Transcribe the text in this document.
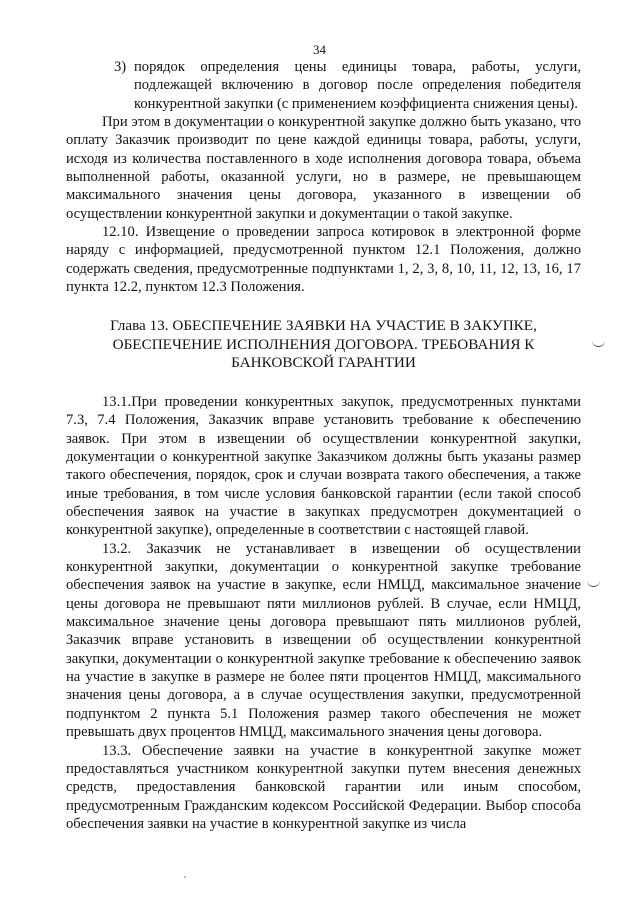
34
3) порядок определения цены единицы товара, работы, услуги, подлежащей включению в договор после определения победителя конкурентной закупки (с применением коэффициента снижения цены).

При этом в документации о конкурентной закупке должно быть указано, что оплату Заказчик производит по цене каждой единицы товара, работы, услуги, исходя из количества поставленного в ходе исполнения договора товара, объема выполненной работы, оказанной услуги, но в размере, не превышающем максимального значения цены договора, указанного в извещении об осуществлении конкурентной закупки и документации о такой закупке.

12.10. Извещение о проведении запроса котировок в электронной форме наряду с информацией, предусмотренной пунктом 12.1 Положения, должно содержать сведения, предусмотренные подпунктами 1, 2, 3, 8, 10, 11, 12, 13, 16, 17 пункта 12.2, пунктом 12.3 Положения.

Глава 13. ОБЕСПЕЧЕНИЕ ЗАЯВКИ НА УЧАСТИЕ В ЗАКУПКЕ,
ОБЕСПЕЧЕНИЕ ИСПОЛНЕНИЯ ДОГОВОРА. ТРЕБОВАНИЯ К
БАНКОВСКОЙ ГАРАНТИИ

13.1.При проведении конкурентных закупок, предусмотренных пунктами 7.3, 7.4 Положения, Заказчик вправе установить требование к обеспечению заявок. При этом в извещении об осуществлении конкурентной закупки, документации о конкурентной закупке Заказчиком должны быть указаны размер такого обеспечения, порядок, срок и случаи возврата такого обеспечения, а также иные требования, в том числе условия банковской гарантии (если такой способ обеспечения заявок на участие в закупках предусмотрен документацией о конкурентной закупке), определенные в соответствии с настоящей главой.

13.2. Заказчик не устанавливает в извещении об осуществлении конкурентной закупки, документации о конкурентной закупке требование обеспечения заявок на участие в закупке, если НМЦД, максимальное значение цены договора не превышают пяти миллионов рублей. В случае, если НМЦД, максимальное значение цены договора превышают пять миллионов рублей, Заказчик вправе установить в извещении об осуществлении конкурентной закупки, документации о конкурентной закупке требование к обеспечению заявок на участие в закупке в размере не более пяти процентов НМЦД, максимального значения цены договора, а в случае осуществления закупки, предусмотренной подпунктом 2 пункта 5.1 Положения размер такого обеспечения не может превышать двух процентов НМЦД, максимального значения цены договора.

13.3. Обеспечение заявки на участие в конкурентной закупке может предоставляться участником конкурентной закупки путем внесения денежных средств, предоставления банковской гарантии или иным способом, предусмотренным Гражданским кодексом Российской Федерации. Выбор способа обеспечения заявки на участие в конкурентной закупке из числа
